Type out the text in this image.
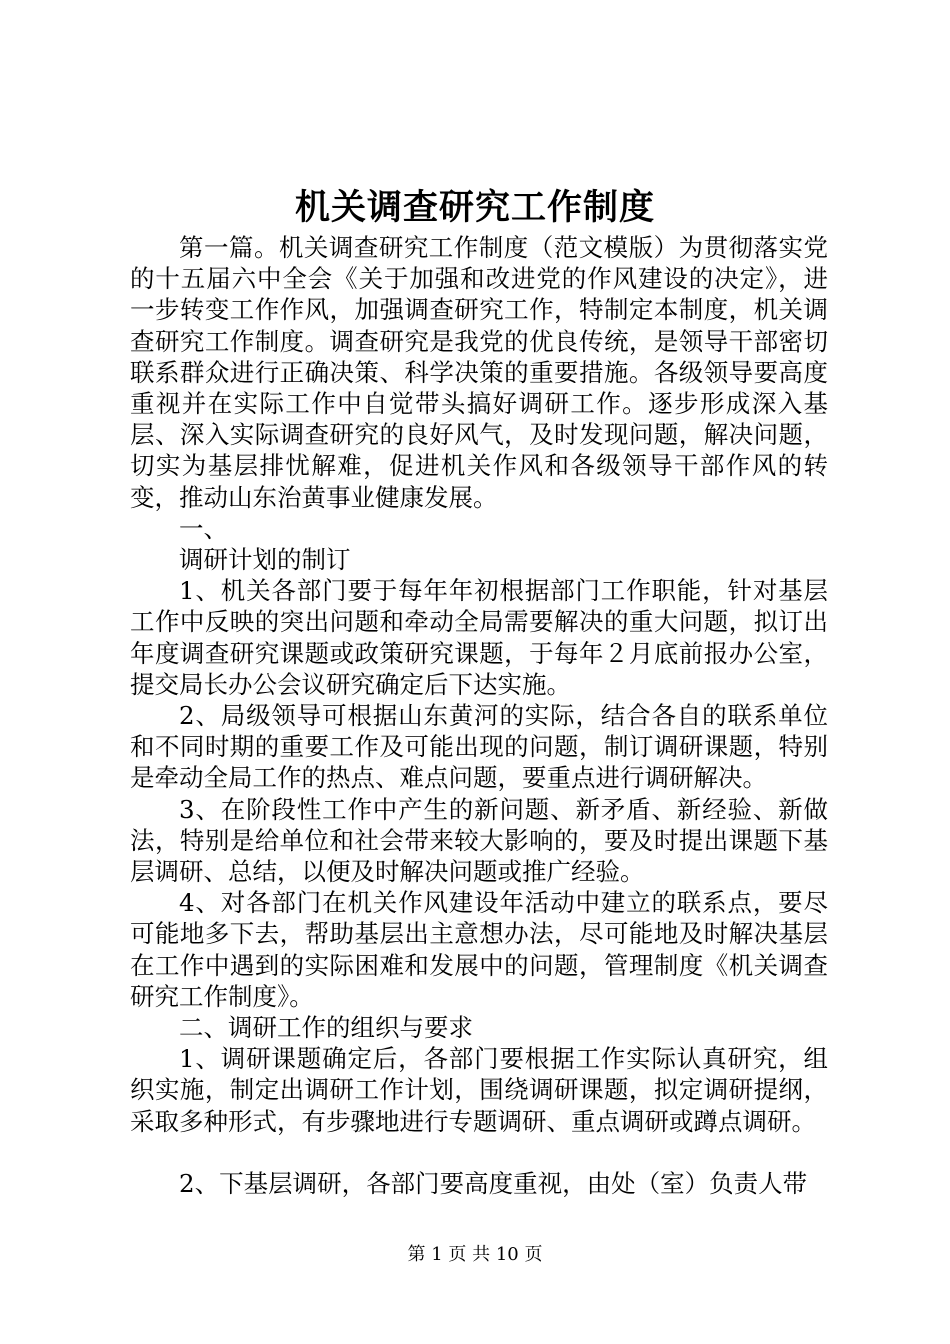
机关调查研究工作制度

第一篇。机关调查研究工作制度（范文模版）为贯彻落实党的十五届六中全会《关于加强和改进党的作风建设的决定》，进一步转变工作作风，加强调查研究工作，特制定本制度，机关调查研究工作制度。调查研究是我党的优良传统，是领导干部密切联系群众进行正确决策、科学决策的重要措施。各级领导要高度重视并在实际工作中自觉带头搞好调研工作。逐步形成深入基层、深入实际调查研究的良好风气，及时发现问题，解决问题，切实为基层排忧解难，促进机关作风和各级领导干部作风的转变，推动山东治黄事业健康发展。

一、

调研计划的制订

1、机关各部门要于每年年初根据部门工作职能，针对基层工作中反映的突出问题和牵动全局需要解决的重大问题，拟订出年度调查研究课题或政策研究课题，于每年２月底前报办公室，提交局长办公会议研究确定后下达实施。

2、局级领导可根据山东黄河的实际，结合各自的联系单位和不同时期的重要工作及可能出现的问题，制订调研课题，特别是牵动全局工作的热点、难点问题，要重点进行调研解决。

3、在阶段性工作中产生的新问题、新矛盾、新经验、新做法，特别是给单位和社会带来较大影响的，要及时提出课题下基层调研、总结，以便及时解决问题或推广经验。

4、对各部门在机关作风建设年活动中建立的联系点，要尽可能地多下去，帮助基层出主意想办法，尽可能地及时解决基层在工作中遇到的实际困难和发展中的问题，管理制度《机关调查研究工作制度》。

二、调研工作的组织与要求

1、调研课题确定后，各部门要根据工作实际认真研究，组织实施，制定出调研工作计划，围绕调研课题，拟定调研提纲，采取多种形式，有步骤地进行专题调研、重点调研或蹲点调研。

2、下基层调研，各部门要高度重视，由处（室）负责人带

第 1 页 共 10 页
